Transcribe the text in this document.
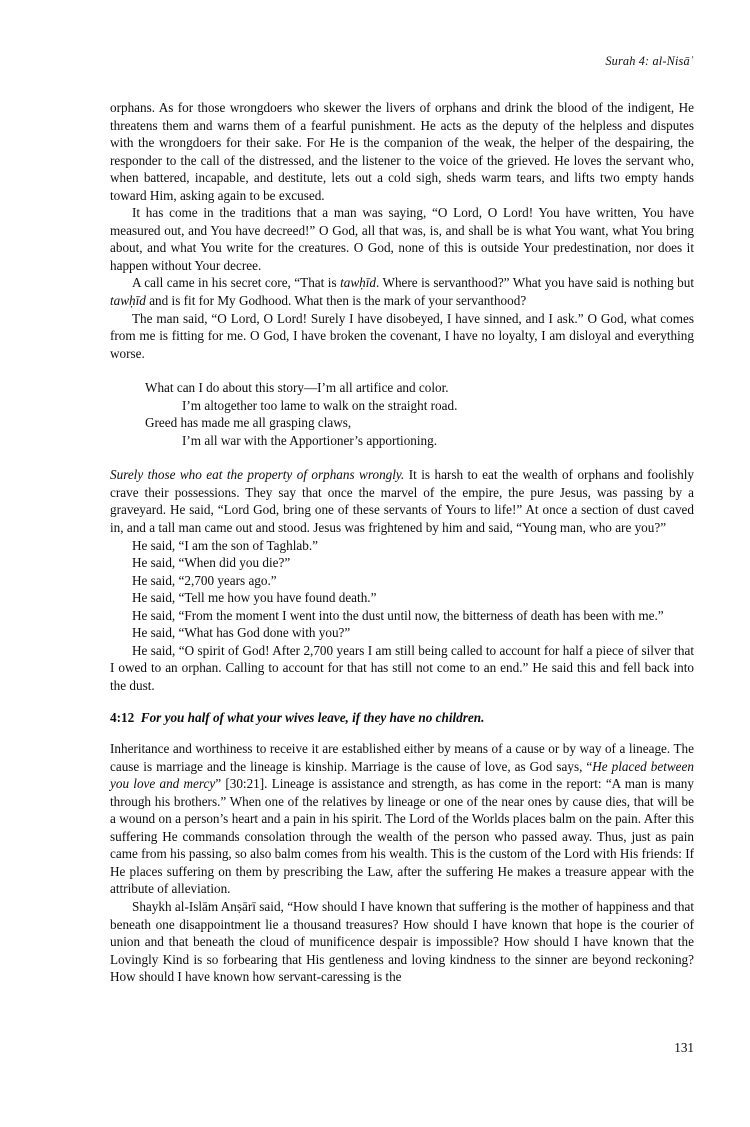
Surah 4: al-Nisāʾ

orphans. As for those wrongdoers who skewer the livers of orphans and drink the blood of the indigent, He threatens them and warns them of a fearful punishment. He acts as the deputy of the helpless and disputes with the wrongdoers for their sake. For He is the companion of the weak, the helper of the despairing, the responder to the call of the distressed, and the listener to the voice of the grieved. He loves the servant who, when battered, incapable, and destitute, lets out a cold sigh, sheds warm tears, and lifts two empty hands toward Him, asking again to be excused.

It has come in the traditions that a man was saying, “O Lord, O Lord! You have written, You have measured out, and You have decreed!” O God, all that was, is, and shall be is what You want, what You bring about, and what You write for the creatures. O God, none of this is outside Your predestination, nor does it happen without Your decree.

A call came in his secret core, “That is tawḥīd. Where is servanthood?” What you have said is nothing but tawḥīd and is fit for My Godhood. What then is the mark of your servanthood?

The man said, “O Lord, O Lord! Surely I have disobeyed, I have sinned, and I ask.” O God, what comes from me is fitting for me. O God, I have broken the covenant, I have no loyalty, I am disloyal and everything worse.

What can I do about this story—I’m all artifice and color.
I’m altogether too lame to walk on the straight road.
Greed has made me all grasping claws,
I’m all war with the Apportioner’s apportioning.

Surely those who eat the property of orphans wrongly. It is harsh to eat the wealth of orphans and foolishly crave their possessions. They say that once the marvel of the empire, the pure Jesus, was passing by a graveyard. He said, “Lord God, bring one of these servants of Yours to life!” At once a section of dust caved in, and a tall man came out and stood. Jesus was frightened by him and said, “Young man, who are you?”

He said, “I am the son of Taghlab.”

He said, “When did you die?”

He said, “2,700 years ago.”

He said, “Tell me how you have found death.”

He said, “From the moment I went into the dust until now, the bitterness of death has been with me.”

He said, “What has God done with you?”

He said, “O spirit of God! After 2,700 years I am still being called to account for half a piece of silver that I owed to an orphan. Calling to account for that has still not come to an end.” He said this and fell back into the dust.

4:12 For you half of what your wives leave, if they have no children.

Inheritance and worthiness to receive it are established either by means of a cause or by way of a lineage. The cause is marriage and the lineage is kinship. Marriage is the cause of love, as God says, “He placed between you love and mercy” [30:21]. Lineage is assistance and strength, as has come in the report: “A man is many through his brothers.” When one of the relatives by lineage or one of the near ones by cause dies, that will be a wound on a person’s heart and a pain in his spirit. The Lord of the Worlds places balm on the pain. After this suffering He commands consolation through the wealth of the person who passed away. Thus, just as pain came from his passing, so also balm comes from his wealth. This is the custom of the Lord with His friends: If He places suffering on them by prescribing the Law, after the suffering He makes a treasure appear with the attribute of alleviation.

Shaykh al-Islām Anṣārī said, “How should I have known that suffering is the mother of happiness and that beneath one disappointment lie a thousand treasures? How should I have known that hope is the courier of union and that beneath the cloud of munificence despair is impossible? How should I have known that the Lovingly Kind is so forbearing that His gentleness and loving kindness to the sinner are beyond reckoning? How should I have known how servant-caressing is the

131
